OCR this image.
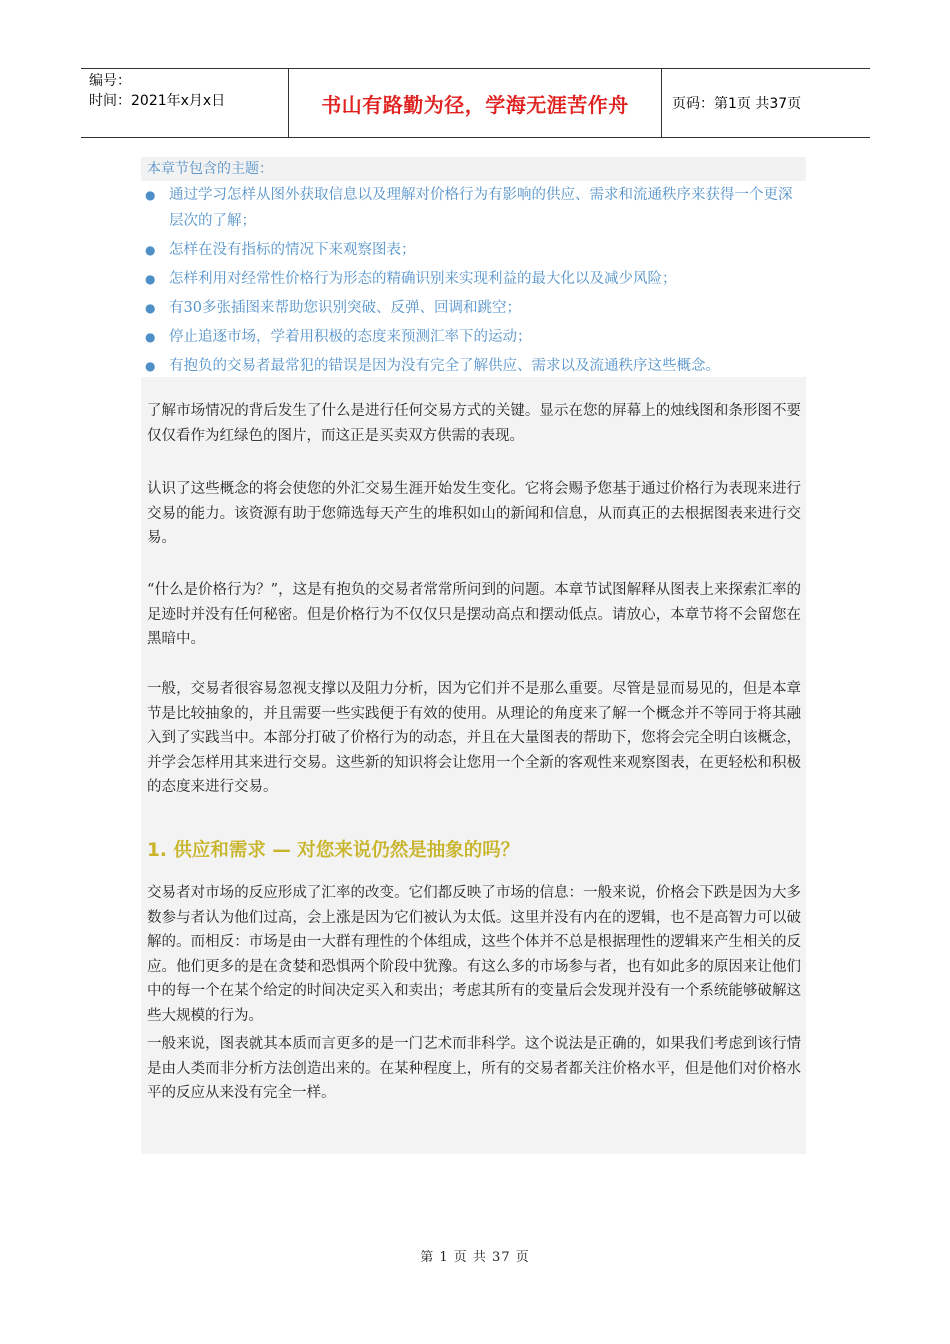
编号：
时间：2021年x月x日	书山有路勤为径，学海无涯苦作舟	页码：第1页 共37页
本章节包含的主题：
● 通过学习怎样从图外获取信息以及理解对价格行为有影响的供应、需求和流通秩序来获得一个更深层次的了解；
● 怎样在没有指标的情况下来观察图表；
● 怎样利用对经常性价格行为形态的精确识别来实现利益的最大化以及减少风险；
● 有30多张插图来帮助您识别突破、反弹、回调和跳空；
● 停止追逐市场，学着用积极的态度来预测汇率下的运动；
● 有抱负的交易者最常犯的错误是因为没有完全了解供应、需求以及流通秩序这些概念。
了解市场情况的背后发生了什么是进行任何交易方式的关键。显示在您的屏幕上的烛线图和条形图不要仅仅看作为红绿色的图片，而这正是买卖双方供需的表现。
认识了这些概念的将会使您的外汇交易生涯开始发生变化。它将会赐予您基于通过价格行为表现来进行交易的能力。该资源有助于您筛选每天产生的堆积如山的新闻和信息，从而真正的去根据图表来进行交易。
“什么是价格行为？”，这是有抱负的交易者常常所问到的问题。本章节试图解释从图表上来探索汇率的足迹时并没有任何秘密。但是价格行为不仅仅只是摆动高点和摆动低点。请放心，本章节将不会留您在黑暗中。
一般，交易者很容易忽视支撑以及阻力分析，因为它们并不是那么重要。尽管是显而易见的，但是本章节是比较抽象的，并且需要一些实践便于有效的使用。从理论的角度来了解一个概念并不等同于将其融入到了实践当中。本部分打破了价格行为的动态，并且在大量图表的帮助下，您将会完全明白该概念，并学会怎样用其来进行交易。这些新的知识将会让您用一个全新的客观性来观察图表，在更轻松和积极的态度来进行交易。
1. 供应和需求 — 对您来说仍然是抽象的吗？
交易者对市场的反应形成了汇率的改变。它们都反映了市场的信息：一般来说，价格会下跌是因为大多数参与者认为他们过高，会上涨是因为它们被认为太低。这里并没有内在的逻辑，也不是高智力可以破解的。而相反：市场是由一大群有理性的个体组成，这些个体并不总是根据理性的逻辑来产生相关的反应。他们更多的是在贪婪和恐惧两个阶段中犹豫。有这么多的市场参与者，也有如此多的原因来让他们中的每一个在某个给定的时间决定买入和卖出；考虑其所有的变量后会发现并没有一个系统能够破解这些大规模的行为。
一般来说，图表就其本质而言更多的是一门艺术而非科学。这个说法是正确的，如果我们考虑到该行情是由人类而非分析方法创造出来的。在某种程度上，所有的交易者都关注价格水平，但是他们对价格水平的反应从来没有完全一样。
第 1 页 共 37 页
